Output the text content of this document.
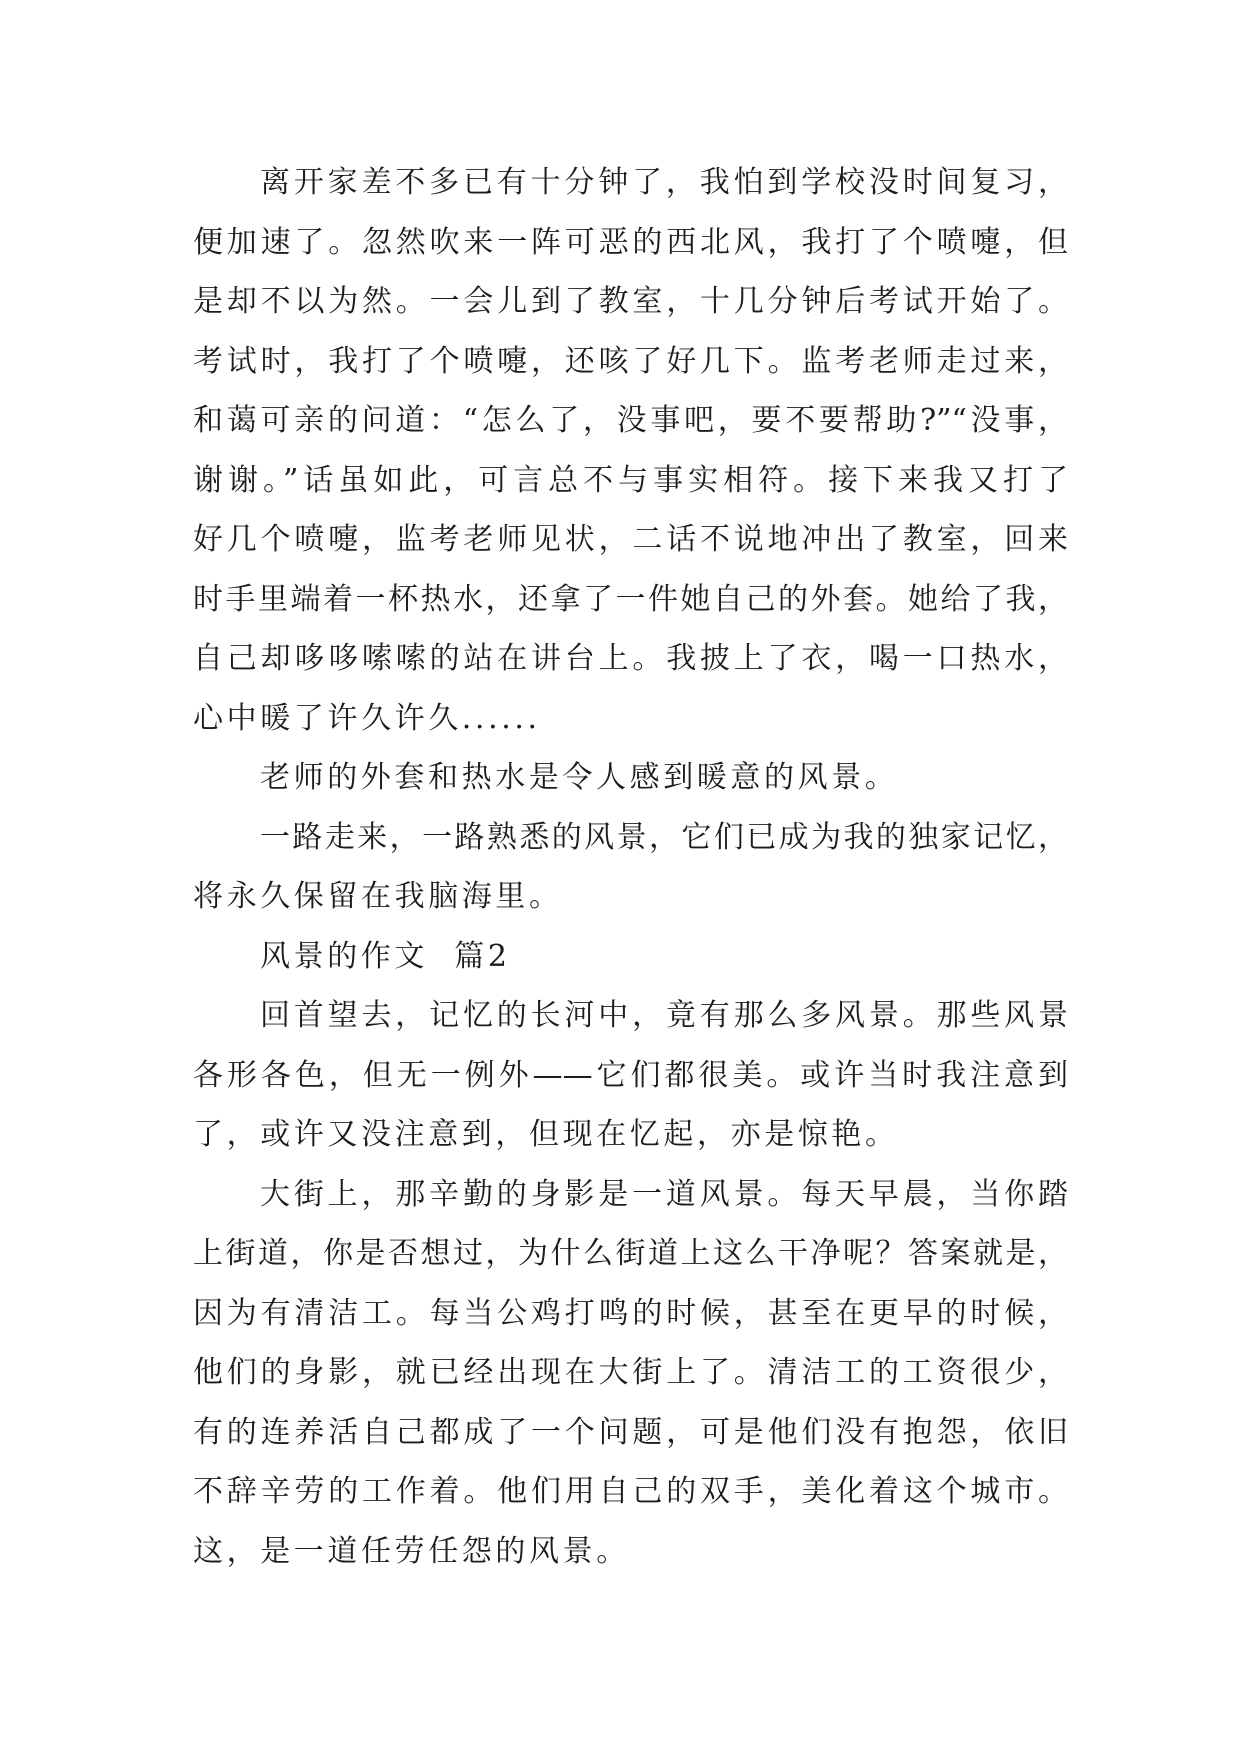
离开家差不多已有十分钟了，我怕到学校没时间复习，
便加速了。忽然吹来一阵可恶的西北风，我打了个喷嚏，但
是却不以为然。一会儿到了教室，十几分钟后考试开始了。
考试时，我打了个喷嚏，还咳了好几下。监考老师走过来，
和蔼可亲的问道：“怎么了，没事吧，要不要帮助?”“没事，
谢谢。”话虽如此，可言总不与事实相符。接下来我又打了
好几个喷嚏，监考老师见状，二话不说地冲出了教室，回来
时手里端着一杯热水，还拿了一件她自己的外套。她给了我，
自己却哆哆嗦嗦的站在讲台上。我披上了衣，喝一口热水，
心中暖了许久许久......
老师的外套和热水是令人感到暖意的风景。
一路走来，一路熟悉的风景，它们已成为我的独家记忆，
将永久保留在我脑海里。
风景的作文  篇2
回首望去，记忆的长河中，竟有那么多风景。那些风景
各形各色，但无一例外——它们都很美。或许当时我注意到
了，或许又没注意到，但现在忆起，亦是惊艳。
大街上，那辛勤的身影是一道风景。每天早晨，当你踏
上街道，你是否想过，为什么街道上这么干净呢？答案就是，
因为有清洁工。每当公鸡打鸣的时候，甚至在更早的时候，
他们的身影，就已经出现在大街上了。清洁工的工资很少，
有的连养活自己都成了一个问题，可是他们没有抱怨，依旧
不辞辛劳的工作着。他们用自己的双手，美化着这个城市。
这，是一道任劳任怨的风景。
